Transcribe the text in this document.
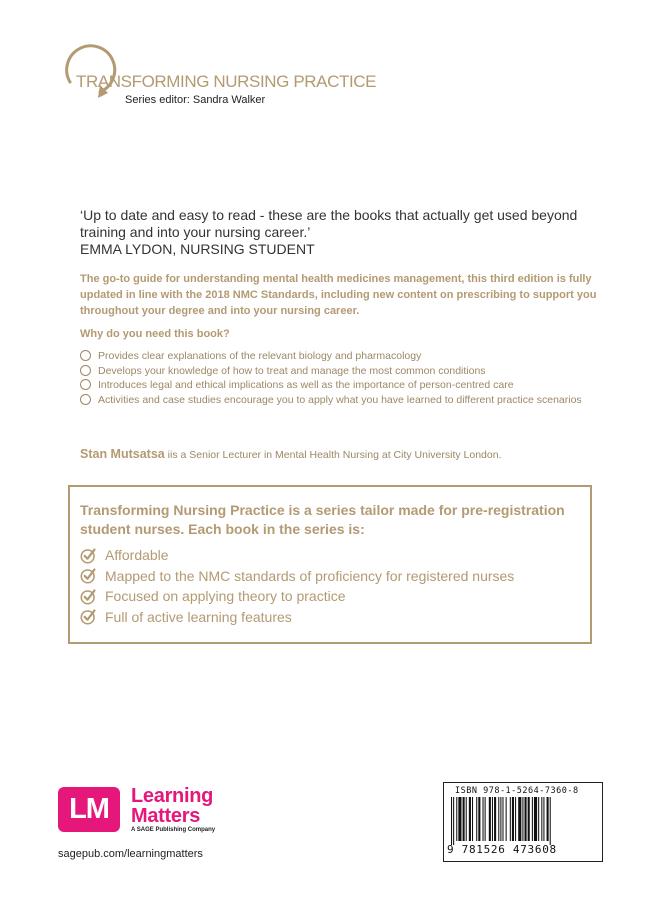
TRANSFORMING NURSING PRACTICE
Series editor: Sandra Walker
‘Up to date and easy to read - these are the books that actually get used beyond training and into your nursing career.’
EMMA LYDON, NURSING STUDENT
The go-to guide for understanding mental health medicines management, this third edition is fully updated in line with the 2018 NMC Standards, including new content on prescribing to support you throughout your degree and into your nursing career.
Why do you need this book?
Provides clear explanations of the relevant biology and pharmacology
Develops your knowledge of how to treat and manage the most common conditions
Introduces legal and ethical implications as well as the importance of person-centred care
Activities and case studies encourage you to apply what you have learned to different practice scenarios
Stan Mutsatsa iis a Senior Lecturer in Mental Health Nursing at City University London.
Transforming Nursing Practice is a series tailor made for pre-registration student nurses. Each book in the series is:
Affordable
Mapped to the NMC standards of proficiency for registered nurses
Focused on applying theory to practice
Full of active learning features
LM	Learning
Matters
A SAGE Publishing Company
sagepub.com/learningmatters
ISBN 978-1-5264-7360-8
9 781526 473608
